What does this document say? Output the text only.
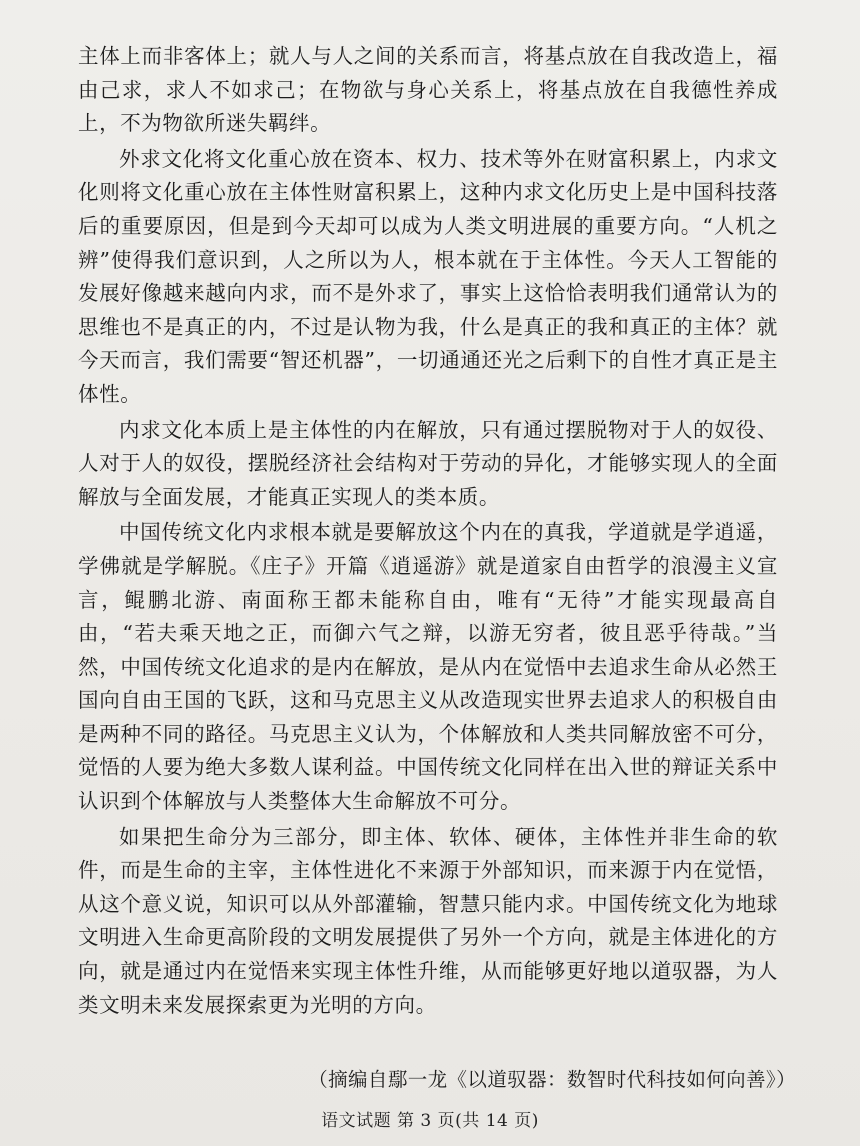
主体上而非客体上；就人与人之间的关系而言，将基点放在自我改造上，福由己求，求人不如求己；在物欲与身心关系上，将基点放在自我德性养成上，不为物欲所迷失羁绊。

外求文化将文化重心放在资本、权力、技术等外在财富积累上，内求文化则将文化重心放在主体性财富积累上，这种内求文化历史上是中国科技落后的重要原因，但是到今天却可以成为人类文明进展的重要方向。“人机之辨”使得我们意识到，人之所以为人，根本就在于主体性。今天人工智能的发展好像越来越向内求，而不是外求了，事实上这恰恰表明我们通常认为的思维也不是真正的内，不过是认物为我，什么是真正的我和真正的主体？就今天而言，我们需要“智还机器”，一切通通还光之后剩下的自性才真正是主体性。

内求文化本质上是主体性的内在解放，只有通过摆脱物对于人的奴役、人对于人的奴役，摆脱经济社会结构对于劳动的异化，才能够实现人的全面解放与全面发展，才能真正实现人的类本质。

中国传统文化内求根本就是要解放这个内在的真我，学道就是学逍遥，学佛就是学解脱。《庄子》开篇《逍遥游》就是道家自由哲学的浪漫主义宣言，鲲鹏北游、南面称王都未能称自由，唯有“无待”才能实现最高自由，“若夫乘天地之正，而御六气之辩，以游无穷者，彼且恶乎待哉。”当然，中国传统文化追求的是内在解放，是从内在觉悟中去追求生命从必然王国向自由王国的飞跃，这和马克思主义从改造现实世界去追求人的积极自由是两种不同的路径。马克思主义认为，个体解放和人类共同解放密不可分，觉悟的人要为绝大多数人谋利益。中国传统文化同样在出入世的辩证关系中认识到个体解放与人类整体大生命解放不可分。

如果把生命分为三部分，即主体、软体、硬体，主体性并非生命的软件，而是生命的主宰，主体性进化不来源于外部知识，而来源于内在觉悟，从这个意义说，知识可以从外部灌输，智慧只能内求。中国传统文化为地球文明进入生命更高阶段的文明发展提供了另外一个方向，就是主体进化的方向，就是通过内在觉悟来实现主体性升维，从而能够更好地以道驭器，为人类文明未来发展探索更为光明的方向。

（摘编自鄢一龙《以道驭器：数智时代科技如何向善》）
语文试题 第 3 页(共 14 页)
